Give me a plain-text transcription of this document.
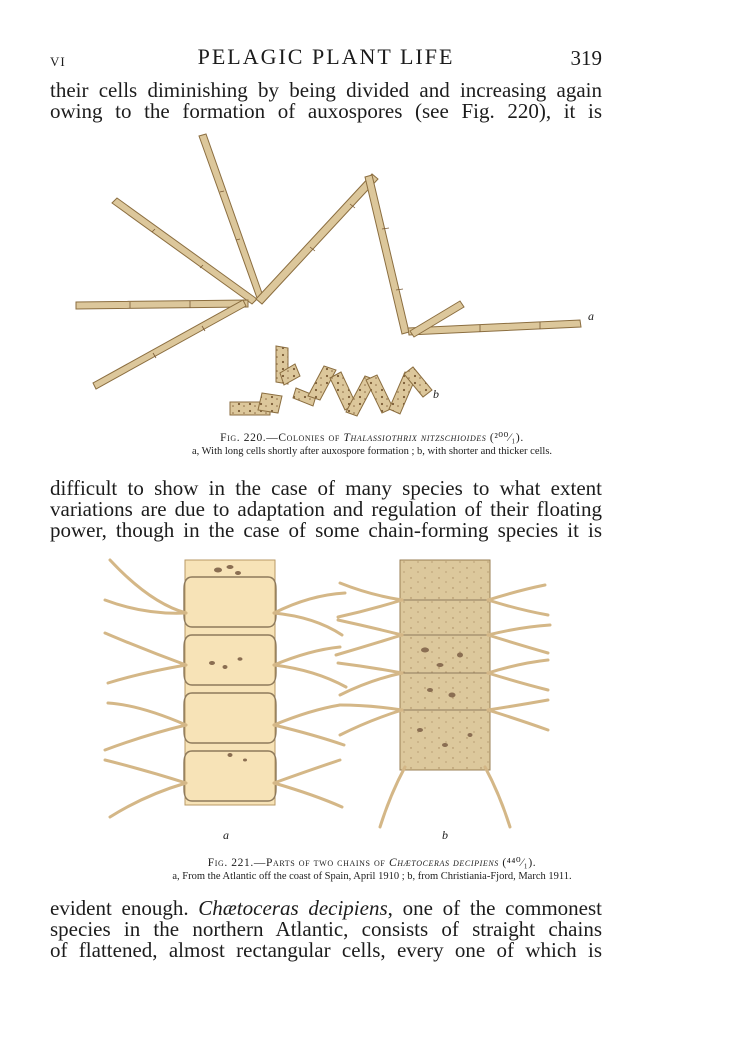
VI	PELAGIC PLANT LIFE	319

their cells diminishing by being divided and increasing again
owing to the formation of auxospores (see Fig. 220), it is

a
b

Fig. 220.—Colonies of Thalassiothrix nitzschioides (²⁰⁰⁄₁).

a, With long cells shortly after auxospore formation ; b, with shorter and thicker cells.

difficult to show in the case of many species to what extent
variations are due to adaptation and regulation of their floating
power, though in the case of some chain-forming species it is

a	b

Fig. 221.—Parts of two chains of Chætoceras decipiens (⁴⁴⁰⁄₁).

a, From the Atlantic off the coast of Spain, April 1910 ; b, from Christiania-Fjord, March 1911.

evident enough. Chætoceras decipiens, one of the commonest
species in the northern Atlantic, consists of straight chains
of flattened, almost rectangular cells, every one of which is
